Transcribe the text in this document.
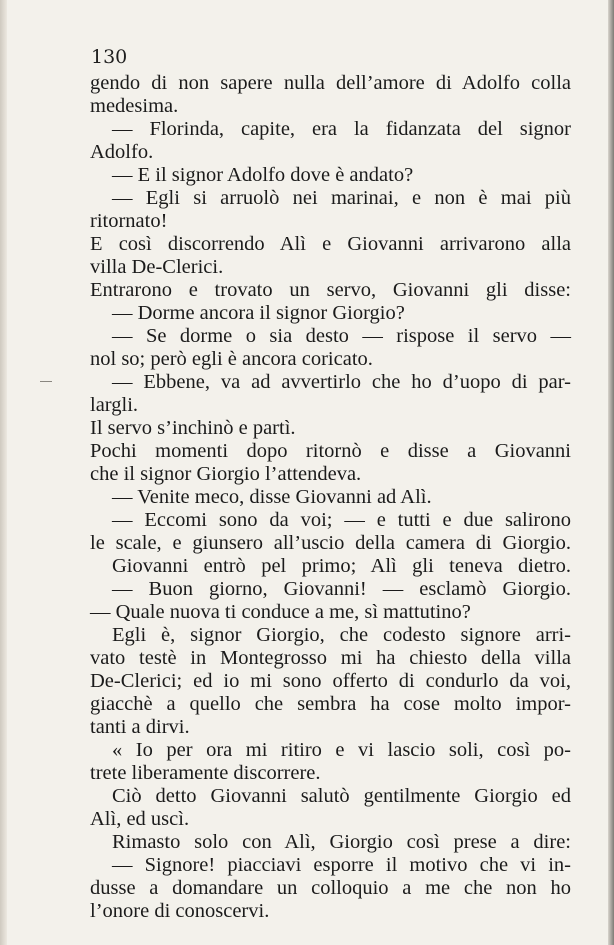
130

gendo di non sapere nulla dell’amore di Adolfo colla
medesima.
— Florinda, capite, era la fidanzata del signor
Adolfo.
— E il signor Adolfo dove è andato?
— Egli si arruolò nei marinai, e non è mai più
ritornato!
E così discorrendo Alì e Giovanni arrivarono alla
villa De-Clerici.
Entrarono e trovato un servo, Giovanni gli disse:
— Dorme ancora il signor Giorgio?
— Se dorme o sia desto — rispose il servo —
nol so; però egli è ancora coricato.
— Ebbene, va ad avvertirlo che ho d’uopo di par-
largli.
Il servo s’inchinò e partì.
Pochi momenti dopo ritornò e disse a Giovanni
che il signor Giorgio l’attendeva.
— Venite meco, disse Giovanni ad Alì.
— Eccomi sono da voi; — e tutti e due salirono
le scale, e giunsero all’uscio della camera di Giorgio.
Giovanni entrò pel primo; Alì gli teneva dietro.
— Buon giorno, Giovanni! — esclamò Giorgio.
— Quale nuova ti conduce a me, sì mattutino?
Egli è, signor Giorgio, che codesto signore arri-
vato testè in Montegrosso mi ha chiesto della villa
De-Clerici; ed io mi sono offerto di condurlo da voi,
giacchè a quello che sembra ha cose molto impor-
tanti a dirvi.
« Io per ora mi ritiro e vi lascio soli, così po-
trete liberamente discorrere.
Ciò detto Giovanni salutò gentilmente Giorgio ed
Alì, ed uscì.
Rimasto solo con Alì, Giorgio così prese a dire:
— Signore! piacciavi esporre il motivo che vi in-
dusse a domandare un colloquio a me che non ho
l’onore di conoscervi.
